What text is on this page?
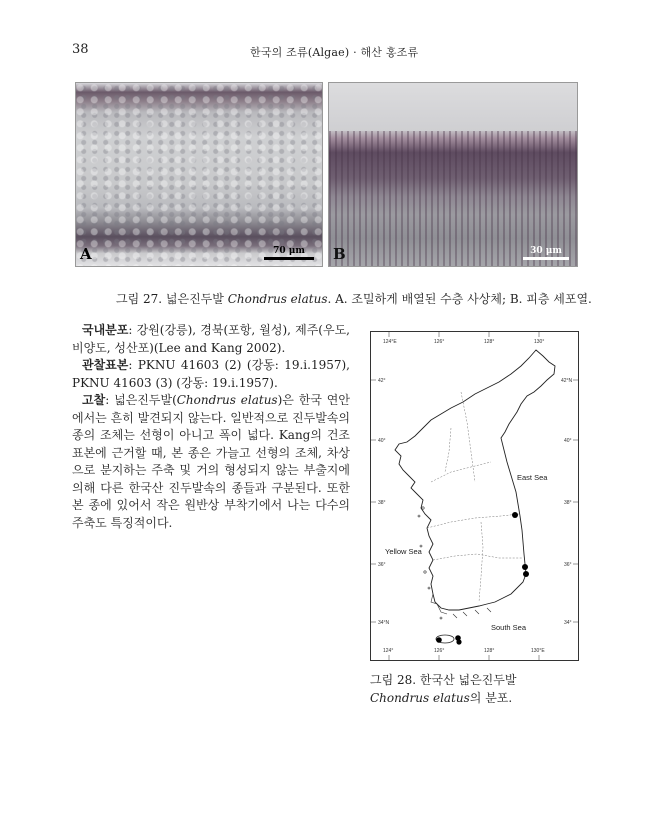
38	한국의 조류(Algae) · 해산 홍조류
A	70 μm	B	30 μm
그림 27. 넓은진두발 Chondrus elatus. A. 조밀하게 배열된 수층 사상체; B. 피층 세포열.

국내분포: 강원(강릉), 경북(포항, 월성), 제주(우도, 비양도, 성산포)(Lee and Kang 2002).

관찰표본: PKNU 41603 (2) (강동: 19.i.1957), PKNU 41603 (3) (강동: 19.i.1957).

고찰: 넓은진두발(Chondrus elatus)은 한국 연안에서는 흔히 발견되지 않는다. 일반적으로 진두발속의 종의 조체는 선형이 아니고 폭이 넓다. Kang의 건조 표본에 근거할 때, 본 종은 가늘고 선형의 조체, 차상으로 분지하는 주축 및 거의 형성되지 않는 부출지에 의해 다른 한국산 진두발속의 종들과 구분된다. 또한 본 종에 있어서 작은 원반상 부착기에서 나는 다수의 주축도 특징적이다.

124°E	126°	128°	130°
124°	126°	128°	130°E
42°
40°
38°
36°
34°N
42°N
40°
38°
36°
34°
East Sea
Yellow Sea
South Sea
그림 28. 한국산 넓은진두발 Chondrus elatus의 분포.
